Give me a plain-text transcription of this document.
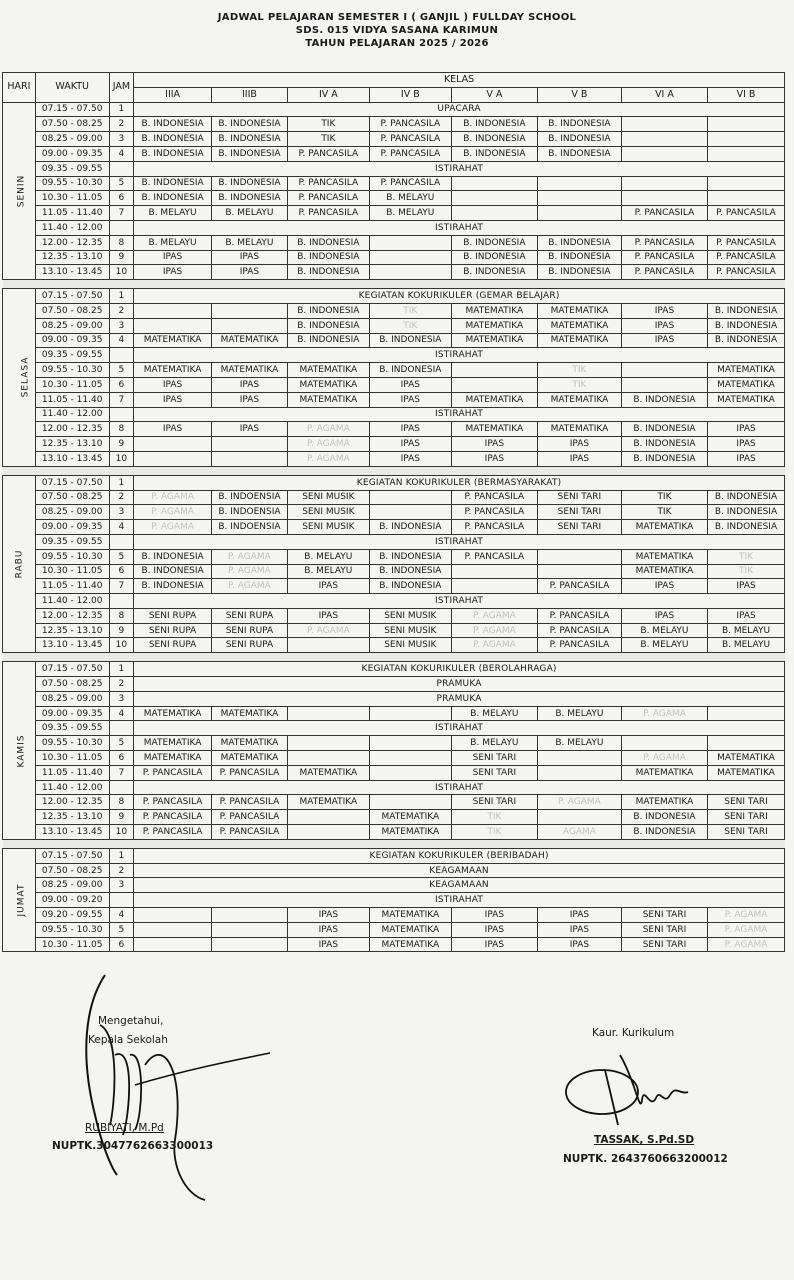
JADWAL PELAJARAN SEMESTER I ( GANJIL ) FULLDAY SCHOOL
SDS. 015 VIDYA SASANA KARIMUN
TAHUN PELAJARAN 2025 / 2026
HARI	WAKTU	JAM	KELAS							
			IIIA	IIIB	IV A	IV B	V A	V B	VI A	VI B
SENIN	07.15 - 07.50	1	UPACARA							
	07.50 - 08.25	2	B. INDONESIA	B. INDONESIA	TIK	P. PANCASILA	B. INDONESIA	B. INDONESIA		
	08.25 - 09.00	3	B. INDONESIA	B. INDONESIA	TIK	P. PANCASILA	B. INDONESIA	B. INDONESIA		
	09.00 - 09.35	4	B. INDONESIA	B. INDONESIA	P. PANCASILA	P. PANCASILA	B. INDONESIA	B. INDONESIA		
	09.35 - 09.55		ISTIRAHAT							
	09.55 - 10.30	5	B. INDONESIA	B. INDONESIA	P. PANCASILA	P. PANCASILA				
	10.30 - 11.05	6	B. INDONESIA	B. INDONESIA	P. PANCASILA	B. MELAYU				
	11.05 - 11.40	7	B. MELAYU	B. MELAYU	P. PANCASILA	B. MELAYU			P. PANCASILA	P. PANCASILA
	11.40 - 12.00		ISTIRAHAT							
	12.00 - 12.35	8	B. MELAYU	B. MELAYU	B. INDONESIA		B. INDONESIA	B. INDONESIA	P. PANCASILA	P. PANCASILA
	12.35 - 13.10	9	IPAS	IPAS	B. INDONESIA		B. INDONESIA	B. INDONESIA	P. PANCASILA	P. PANCASILA
	13.10 - 13.45	10	IPAS	IPAS	B. INDONESIA		B. INDONESIA	B. INDONESIA	P. PANCASILA	P. PANCASILA

SELASA	07.15 - 07.50	1	KEGIATAN KOKURIKULER (GEMAR BELAJAR)							
	07.50 - 08.25	2			B. INDONESIA	TIK	MATEMATIKA	MATEMATIKA	IPAS	B. INDONESIA
	08.25 - 09.00	3			B. INDONESIA	TIK	MATEMATIKA	MATEMATIKA	IPAS	B. INDONESIA
	09.00 - 09.35	4	MATEMATIKA	MATEMATIKA	B. INDONESIA	B. INDONESIA	MATEMATIKA	MATEMATIKA	IPAS	B. INDONESIA
	09.35 - 09.55		ISTIRAHAT							
	09.55 - 10.30	5	MATEMATIKA	MATEMATIKA	MATEMATIKA	B. INDONESIA		TIK		MATEMATIKA
	10.30 - 11.05	6	IPAS	IPAS	MATEMATIKA	IPAS		TIK		MATEMATIKA
	11.05 - 11.40	7	IPAS	IPAS	MATEMATIKA	IPAS	MATEMATIKA	MATEMATIKA	B. INDONESIA	MATEMATIKA
	11.40 - 12.00		ISTIRAHAT							
	12.00 - 12.35	8	IPAS	IPAS	P. AGAMA	IPAS	MATEMATIKA	MATEMATIKA	B. INDONESIA	IPAS
	12.35 - 13.10	9			P. AGAMA	IPAS	IPAS	IPAS	B. INDONESIA	IPAS
	13.10 - 13.45	10			P. AGAMA	IPAS	IPAS	IPAS	B. INDONESIA	IPAS

RABU	07.15 - 07.50	1	KEGIATAN KOKURIKULER (BERMASYARAKAT)							
	07.50 - 08.25	2	P. AGAMA	B. INDOENSIA	SENI MUSIK		P. PANCASILA	SENI TARI	TIK	B. INDONESIA
	08.25 - 09.00	3	P. AGAMA	B. INDOENSIA	SENI MUSIK		P. PANCASILA	SENI TARI	TIK	B. INDONESIA
	09.00 - 09.35	4	P. AGAMA	B. INDOENSIA	SENI MUSIK	B. INDONESIA	P. PANCASILA	SENI TARI	MATEMATIKA	B. INDONESIA
	09.35 - 09.55		ISTIRAHAT							
	09.55 - 10.30	5	B. INDONESIA	P. AGAMA	B. MELAYU	B. INDONESIA	P. PANCASILA		MATEMATIKA	TIK
	10.30 - 11.05	6	B. INDONESIA	P. AGAMA	B. MELAYU	B. INDONESIA			MATEMATIKA	TIK
	11.05 - 11.40	7	B. INDONESIA	P. AGAMA	IPAS	B. INDONESIA		P. PANCASILA	IPAS	IPAS
	11.40 - 12.00		ISTIRAHAT							
	12.00 - 12.35	8	SENI RUPA	SENI RUPA	IPAS	SENI MUSIK	P. AGAMA	P. PANCASILA	IPAS	IPAS
	12.35 - 13.10	9	SENI RUPA	SENI RUPA	P. AGAMA	SENI MUSIK	P. AGAMA	P. PANCASILA	B. MELAYU	B. MELAYU
	13.10 - 13.45	10	SENI RUPA	SENI RUPA		SENI MUSIK	P. AGAMA	P. PANCASILA	B. MELAYU	B. MELAYU

KAMIS	07.15 - 07.50	1	KEGIATAN KOKURIKULER (BEROLAHRAGA)							
	07.50 - 08.25	2	PRAMUKA							
	08.25 - 09.00	3	PRAMUKA							
	09.00 - 09.35	4	MATEMATIKA	MATEMATIKA			B. MELAYU	B. MELAYU	P. AGAMA	
	09.35 - 09.55		ISTIRAHAT							
	09.55 - 10.30	5	MATEMATIKA	MATEMATIKA			B. MELAYU	B. MELAYU		
	10.30 - 11.05	6	MATEMATIKA	MATEMATIKA			SENI TARI		P. AGAMA	MATEMATIKA
	11.05 - 11.40	7	P. PANCASILA	P. PANCASILA	MATEMATIKA		SENI TARI		MATEMATIKA	MATEMATIKA
	11.40 - 12.00		ISTIRAHAT							
	12.00 - 12.35	8	P. PANCASILA	P. PANCASILA	MATEMATIKA		SENI TARI	P. AGAMA	MATEMATIKA	SENI TARI
	12.35 - 13.10	9	P. PANCASILA	P. PANCASILA		MATEMATIKA	TIK		B. INDONESIA	SENI TARI
	13.10 - 13.45	10	P. PANCASILA	P. PANCASILA		MATEMATIKA	TIK	AGAMA	B. INDONESIA	SENI TARI

JUMAT	07.15 - 07.50	1	KEGIATAN KOKURIKULER (BERIBADAH)							
	07.50 - 08.25	2	KEAGAMAAN							
	08.25 - 09.00	3	KEAGAMAAN							
	09.00 - 09.20		ISTIRAHAT							
	09.20 - 09.55	4			IPAS	MATEMATIKA	IPAS	IPAS	SENI TARI	P. AGAMA
	09.55 - 10.30	5			IPAS	MATEMATIKA	IPAS	IPAS	SENI TARI	P. AGAMA
	10.30 - 11.05	6			IPAS	MATEMATIKA	IPAS	IPAS	SENI TARI	P. AGAMA
Mengetahui,
Kepala Sekolah
RUBIYATI, M.Pd
NUPTK.3047762663300013
Kaur. Kurikulum
TASSAK, S.Pd.SD
NUPTK. 2643760663200012
